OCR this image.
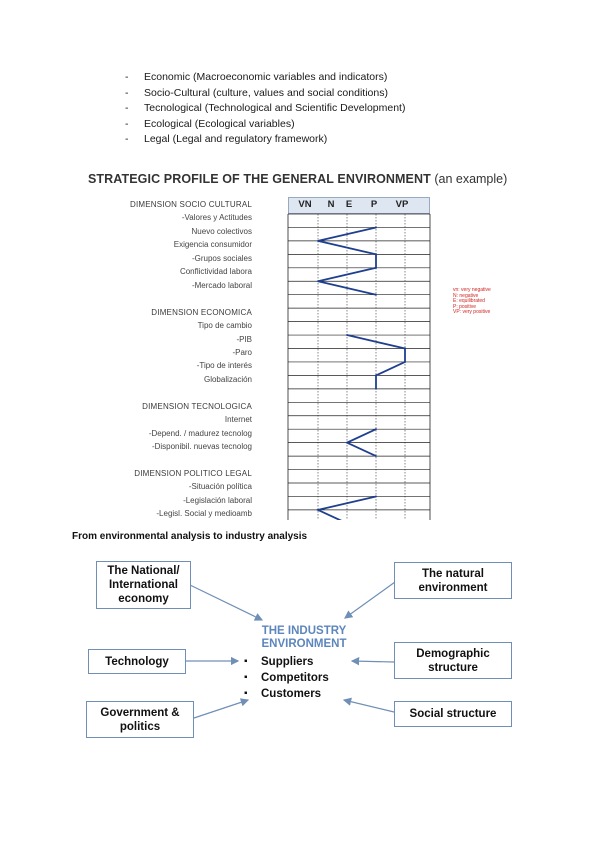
- Economic (Macroeconomic variables and indicators)
- Socio-Cultural (culture, values and social conditions)
- Tecnological (Technological and Scientific Development)
- Ecological (Ecological variables)
- Legal (Legal and regulatory framework)
STRATEGIC PROFILE OF THE GENERAL ENVIRONMENT (an example)
VN N E P VP
DIMENSION SOCIO CULTURAL
-Valores y Actitudes
Nuevo colectivos
Exigencia consumidor
-Grupos sociales
Conflictividad labora
-Mercado laboral
DIMENSION ECONOMICA
Tipo de cambio
-PIB
-Paro
-Tipo de interés
Globalización
DIMENSION TECNOLOGICA
Internet
-Depend. / madurez tecnolog
-Disponibil. nuevas tecnolog
DIMENSION POLITICO LEGAL
-Situación política
-Legislación laboral
-Legisl. Social y medioamb
vn: very negative
N: negative
E: equilibrated
P: positive
VP: very positive
From environmental analysis to industry analysis
The National/ International economy
The natural environment
Technology
Demographic structure
Government & politics
Social structure
THE INDUSTRY ENVIRONMENT
▪ Suppliers
▪ Competitors
▪ Customers
